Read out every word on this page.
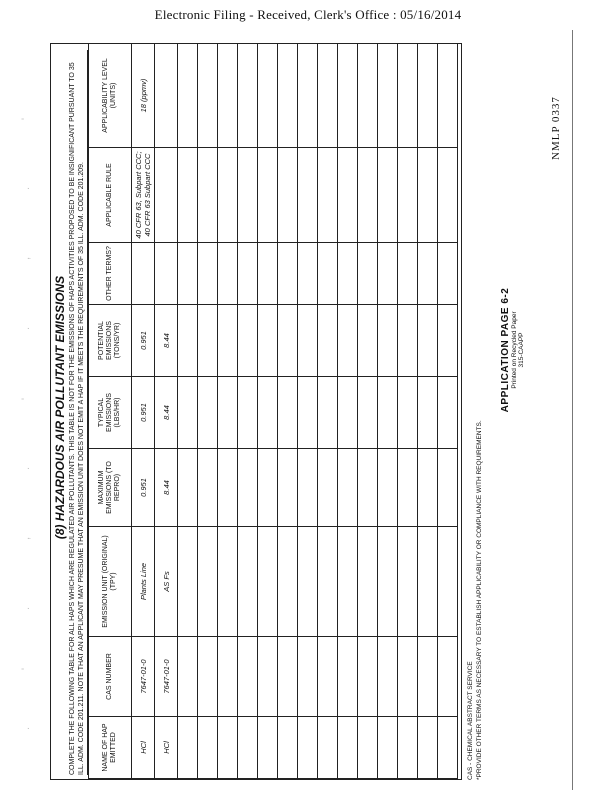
Electronic Filing - Received, Clerk's Office : 05/16/2014
.
'
.
,
.
'
.
,
.
'
(8) HAZARDOUS AIR POLLUTANT EMISSIONS COMPLETE THE FOLLOWING TABLE FOR ALL HAPS WHICH ARE REGULATED AIR POLLUTANTS. THIS TABLE IS NOT FOR THE EMISSIONS OF HAPS ACTIVITIES PROPOSED TO BE INSIGNIFICANT PURSUANT TO 35 ILL. ADM. CODE 201.211. NOTE THAT AN APPLICANT MAY PRESUME THAT AN EMISSION UNIT DOES NOT EMIT A HAP IF IT MEETS THE REQUIREMENTS OF 35 ILL. ADM. CODE 201.209.	NAME OF HAP EMITTED	CAS NUMBER	EMISSION UNIT (ORIGINAL) (TPY)	MAXIMUM EMISSIONS (TO REPRO)	TYPICAL EMISSIONS (LBS/HR)	POTENTIAL EMISSIONS (TONS/YR)	OTHER TERMS?	APPLICABLE RULE	APPLICABILITY LEVEL (UNITS)
HCl	7647-01-0	Plants Line	0.951	0.951	0.951		40 CFR 63, Subpart CCC; 40 CFR 63 Subpart CCC	18 (ppmv)
HCl	7647-01-0	AS Fs	8.44	8.44	8.44			

CAS - CHEMICAL ABSTRACT SERVICE *PROVIDE OTHER TERMS AS NECESSARY TO ESTABLISH APPLICABILITY OR COMPLIANCE WITH REQUIREMENTS.
APPLICATION PAGE 6-2 Printed on Recycled Paper 315-CAAPP
NMLP 0337
